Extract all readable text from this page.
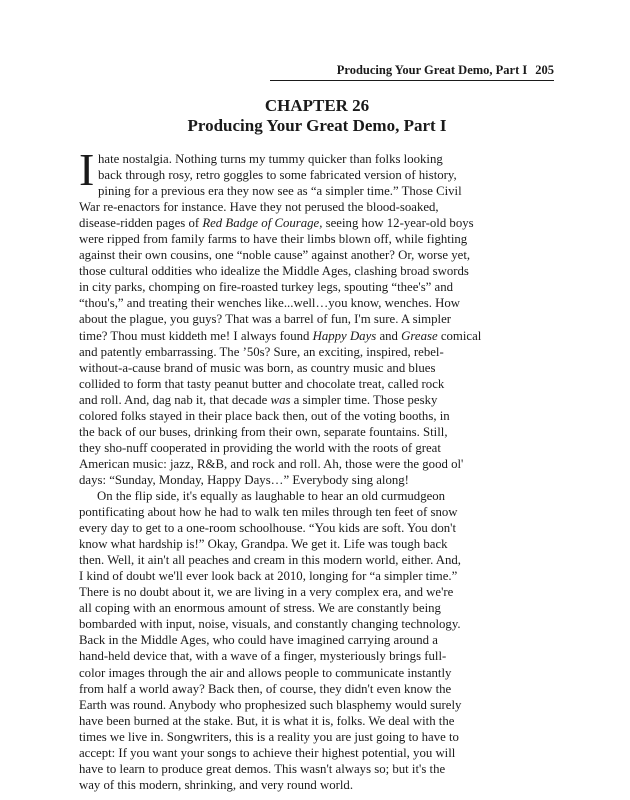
Producing Your Great Demo, Part I 205
CHAPTER 26
Producing Your Great Demo, Part I
I hate nostalgia. Nothing turns my tummy quicker than folks looking
back through rosy, retro goggles to some fabricated version of history,
pining for a previous era they now see as “a simpler time.” Those Civil
War re-enactors for instance. Have they not perused the blood-soaked,
disease-ridden pages of Red Badge of Courage, seeing how 12-year-old boys
were ripped from family farms to have their limbs blown off, while fighting
against their own cousins, one “noble cause” against another? Or, worse yet,
those cultural oddities who idealize the Middle Ages, clashing broad swords
in city parks, chomping on fire-roasted turkey legs, spouting “thee's” and
“thou's,” and treating their wenches like...well…you know, wenches. How
about the plague, you guys? That was a barrel of fun, I'm sure. A simpler
time? Thou must kiddeth me! I always found Happy Days and Grease comical
and patently embarrassing. The ’50s? Sure, an exciting, inspired, rebel-
without-a-cause brand of music was born, as country music and blues
collided to form that tasty peanut butter and chocolate treat, called rock
and roll. And, dag nab it, that decade was a simpler time. Those pesky
colored folks stayed in their place back then, out of the voting booths, in
the back of our buses, drinking from their own, separate fountains. Still,
they sho-nuff cooperated in providing the world with the roots of great
American music: jazz, R&B, and rock and roll. Ah, those were the good ol'
days: “Sunday, Monday, Happy Days…” Everybody sing along!
On the flip side, it's equally as laughable to hear an old curmudgeon
pontificating about how he had to walk ten miles through ten feet of snow
every day to get to a one-room schoolhouse. “You kids are soft. You don't
know what hardship is!” Okay, Grandpa. We get it. Life was tough back
then. Well, it ain't all peaches and cream in this modern world, either. And,
I kind of doubt we'll ever look back at 2010, longing for “a simpler time.”
There is no doubt about it, we are living in a very complex era, and we're
all coping with an enormous amount of stress. We are constantly being
bombarded with input, noise, visuals, and constantly changing technology.
Back in the Middle Ages, who could have imagined carrying around a
hand-held device that, with a wave of a finger, mysteriously brings full-
color images through the air and allows people to communicate instantly
from half a world away? Back then, of course, they didn't even know the
Earth was round. Anybody who prophesized such blasphemy would surely
have been burned at the stake. But, it is what it is, folks. We deal with the
times we live in. Songwriters, this is a reality you are just going to have to
accept: If you want your songs to achieve their highest potential, you will
have to learn to produce great demos. This wasn't always so; but it's the
way of this modern, shrinking, and very round world.
